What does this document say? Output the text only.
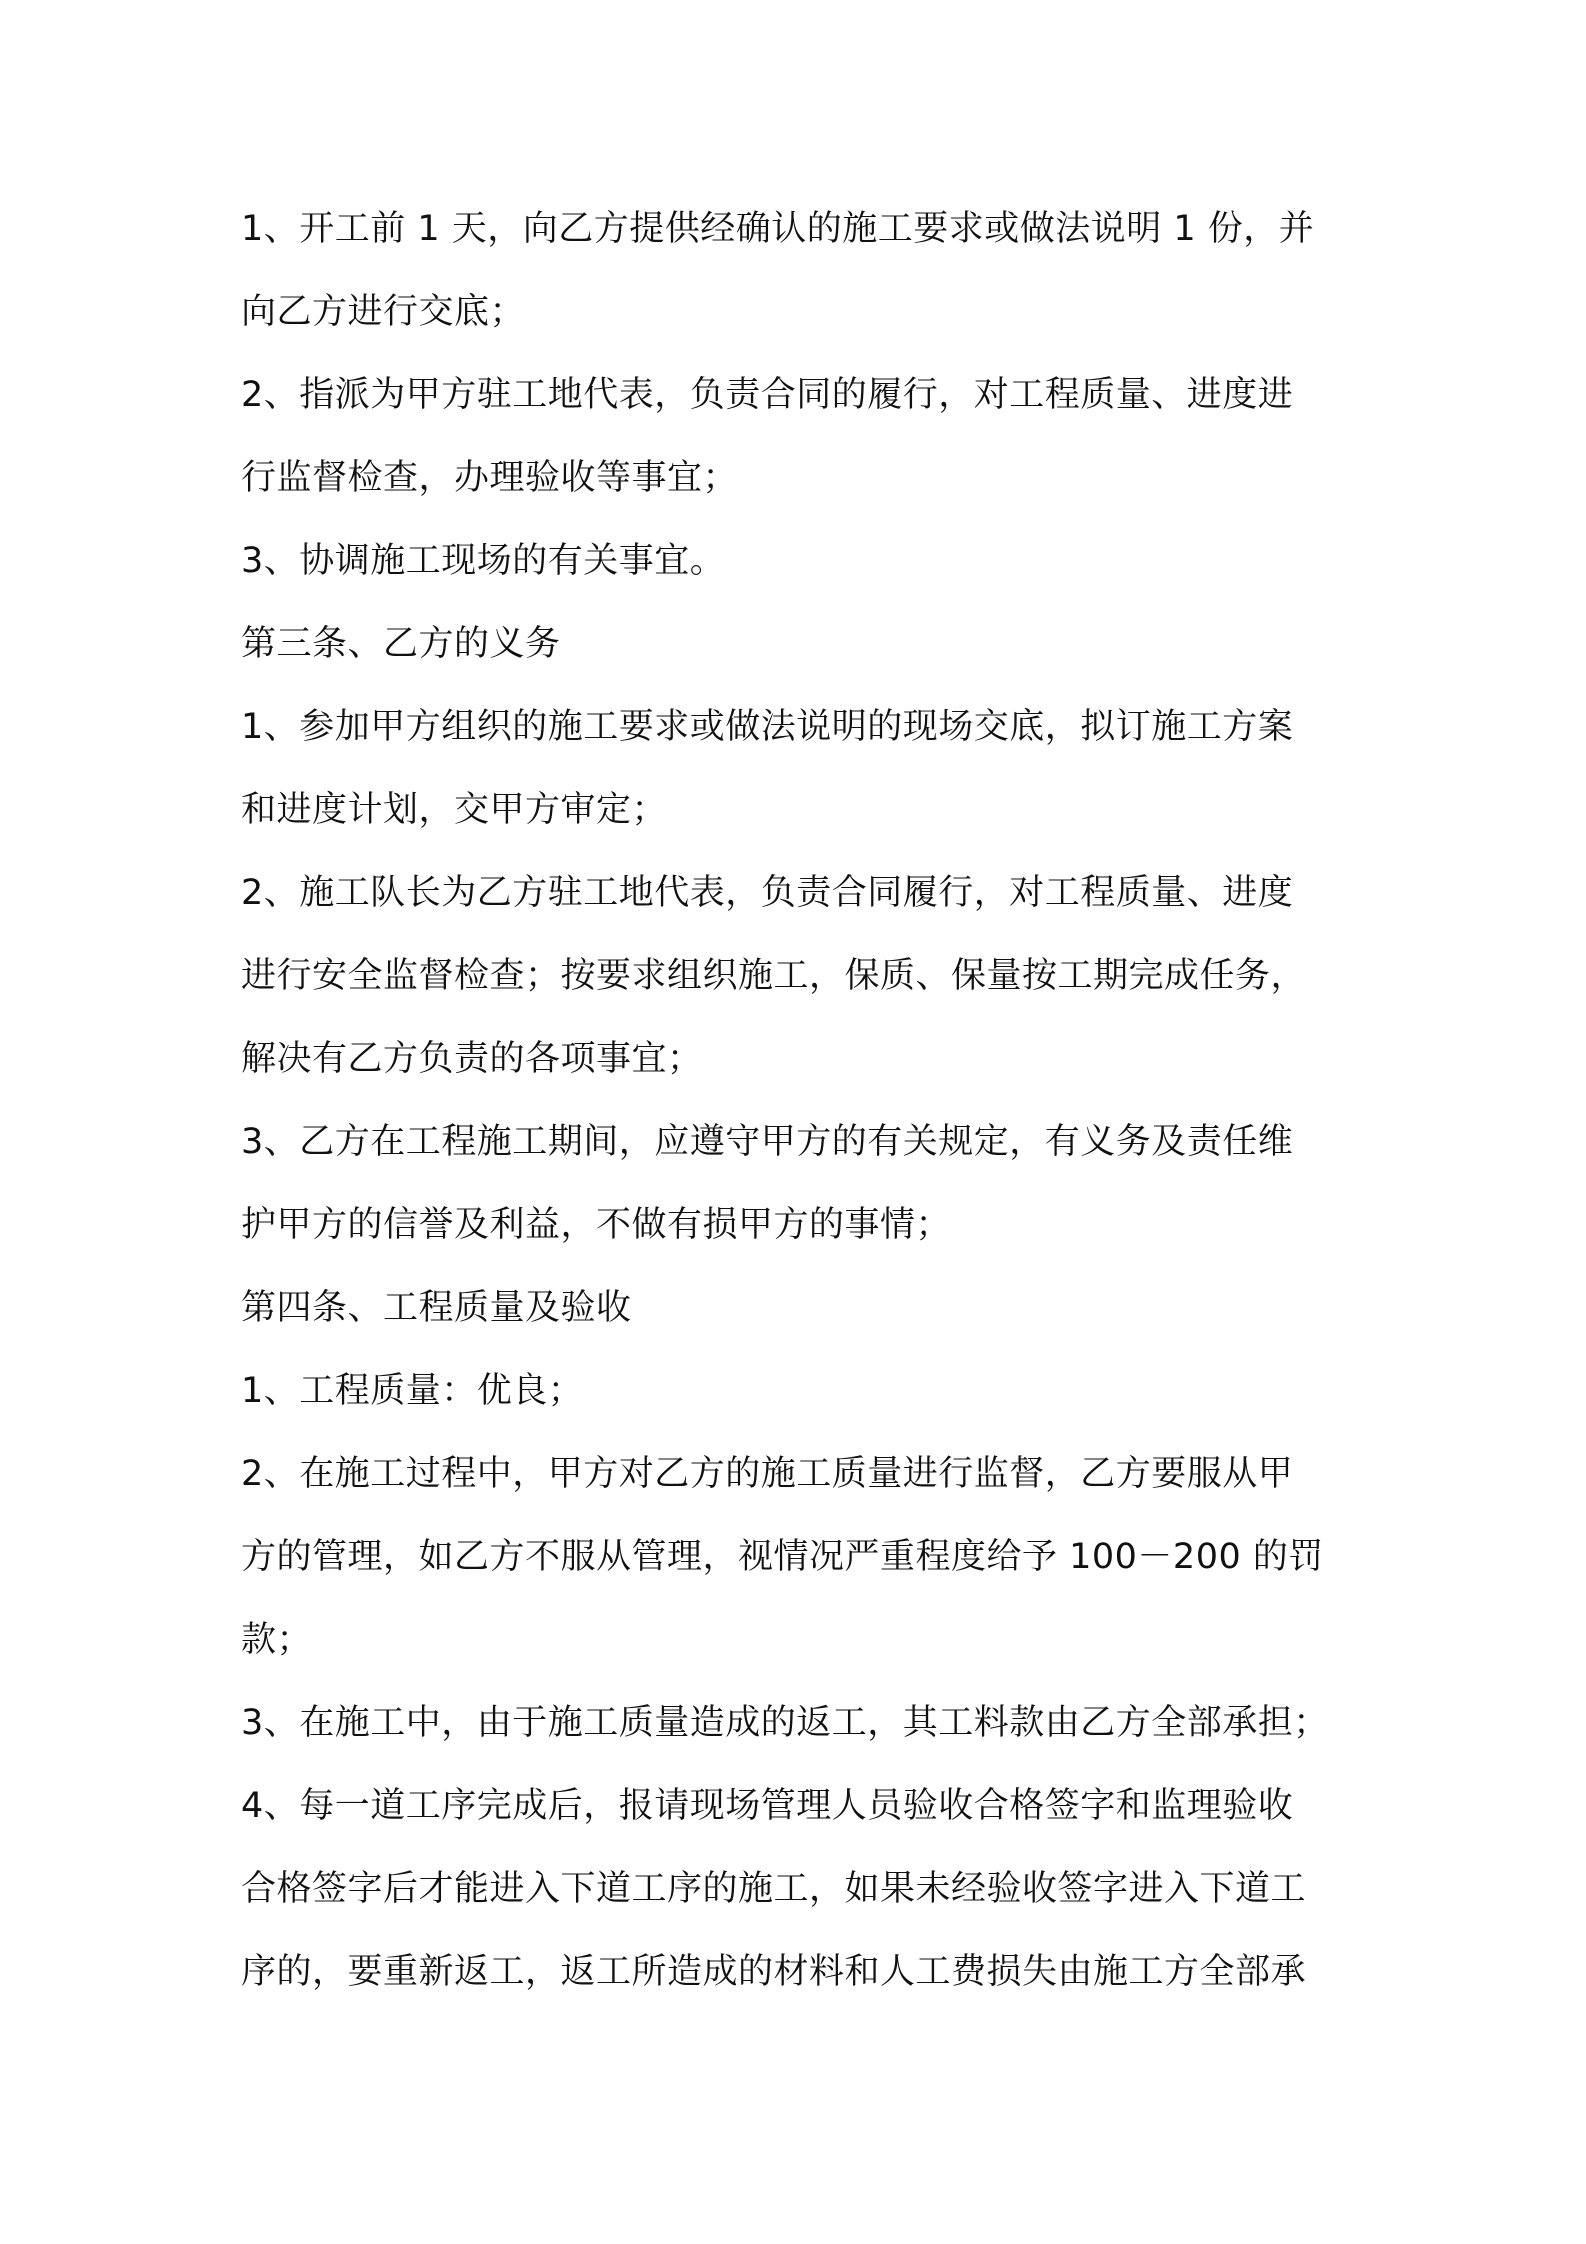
1、开工前 1 天，向乙方提供经确认的施工要求或做法说明 1 份，并
向乙方进行交底；
2、指派为甲方驻工地代表，负责合同的履行，对工程质量、进度进
行监督检查，办理验收等事宜；
3、协调施工现场的有关事宜。
第三条、乙方的义务
1、参加甲方组织的施工要求或做法说明的现场交底，拟订施工方案
和进度计划，交甲方审定；
2、施工队长为乙方驻工地代表，负责合同履行，对工程质量、进度
进行安全监督检查；按要求组织施工，保质、保量按工期完成任务，
解决有乙方负责的各项事宜；
3、乙方在工程施工期间，应遵守甲方的有关规定，有义务及责任维
护甲方的信誉及利益，不做有损甲方的事情；
第四条、工程质量及验收
1、工程质量：优良；
2、在施工过程中，甲方对乙方的施工质量进行监督，乙方要服从甲
方的管理，如乙方不服从管理，视情况严重程度给予 100－200 的罚
款；
3、在施工中，由于施工质量造成的返工，其工料款由乙方全部承担；
4、每一道工序完成后，报请现场管理人员验收合格签字和监理验收
合格签字后才能进入下道工序的施工，如果未经验收签字进入下道工
序的，要重新返工，返工所造成的材料和人工费损失由施工方全部承
